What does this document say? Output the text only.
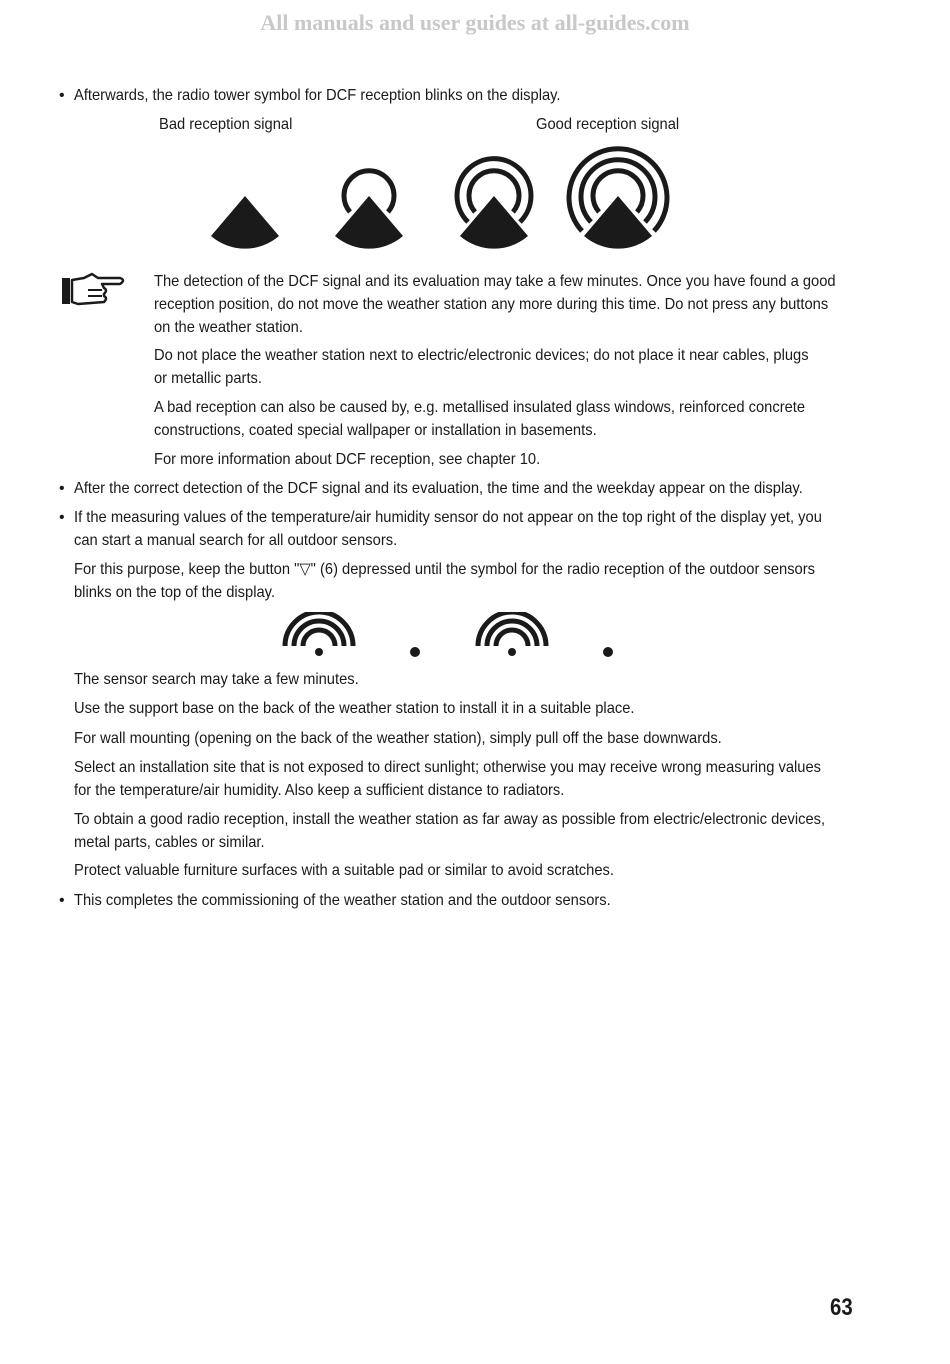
All manuals and user guides at all-guides.com
• Afterwards, the radio tower symbol for DCF reception blinks on the display.
Bad reception signal	Good reception signal
The detection of the DCF signal and its evaluation may take a few minutes. Once you have found a good
reception position, do not move the weather station any more during this time. Do not press any buttons
on the weather station.
Do not place the weather station next to electric/electronic devices; do not place it near cables, plugs
or metallic parts.
A bad reception can also be caused by, e.g. metallised insulated glass windows, reinforced concrete
constructions, coated special wallpaper or installation in basements.
For more information about DCF reception, see chapter 10.
• After the correct detection of the DCF signal and its evaluation, the time and the weekday appear on the display.
• If the measuring values of the temperature/air humidity sensor do not appear on the top right of the display yet, you
can start a manual search for all outdoor sensors.
For this purpose, keep the button "▽" (6) depressed until the symbol for the radio reception of the outdoor sensors
blinks on the top of the display.
The sensor search may take a few minutes.
Use the support base on the back of the weather station to install it in a suitable place.
For wall mounting (opening on the back of the weather station), simply pull off the base downwards.
Select an installation site that is not exposed to direct sunlight; otherwise you may receive wrong measuring values
for the temperature/air humidity. Also keep a sufficient distance to radiators.
To obtain a good radio reception, install the weather station as far away as possible from electric/electronic devices,
metal parts, cables or similar.
Protect valuable furniture surfaces with a suitable pad or similar to avoid scratches.
• This completes the commissioning of the weather station and the outdoor sensors.
63
